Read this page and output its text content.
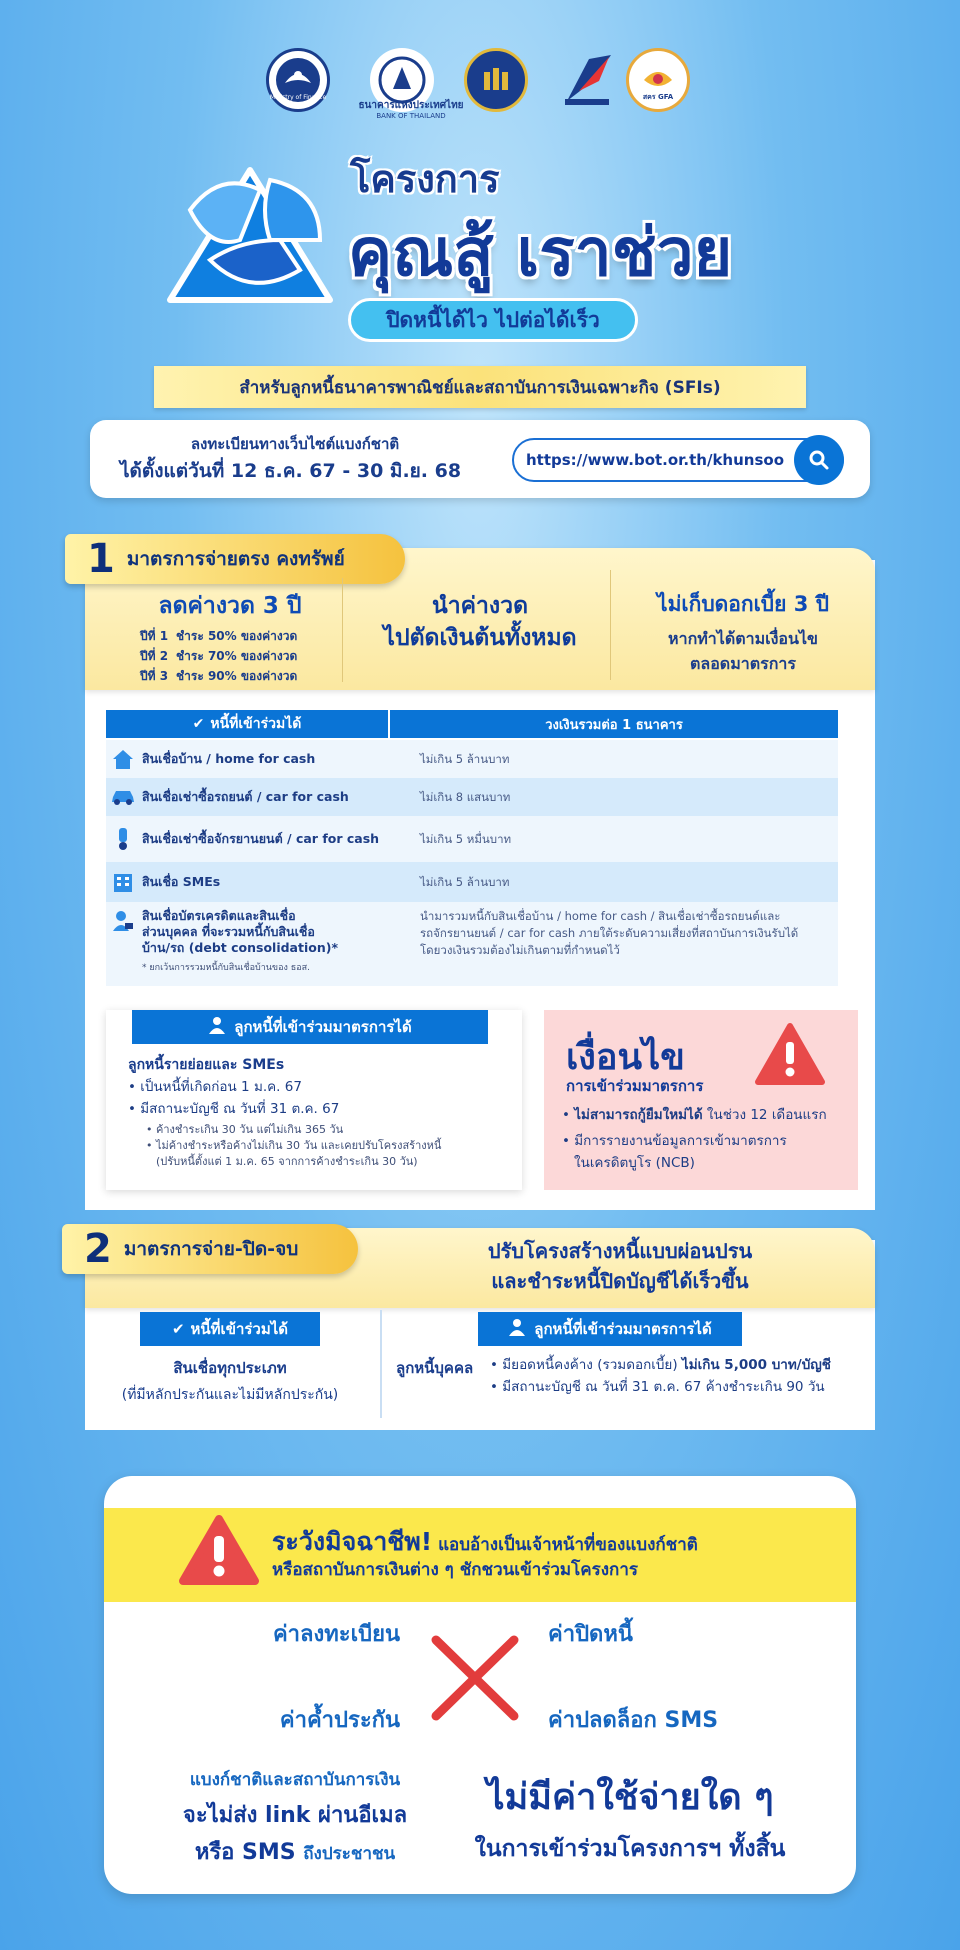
Ministry of Finance
ธนาคารแห่งประเทศไทย
BANK OF THAILAND
สคร GFA
โครงการ
คุณสู้ เราช่วย
ปิดหนี้ได้ไว ไปต่อได้เร็ว
สำหรับลูกหนี้ธนาคารพาณิชย์และสถาบันการเงินเฉพาะกิจ (SFIs)
ลงทะเบียนทางเว็บไซต์แบงก์ชาติ
ได้ตั้งแต่วันที่ 12 ธ.ค. 67 - 30 มิ.ย. 68	https://www.bot.or.th/khunsoo
1 มาตรการจ่ายตรง คงทรัพย์
ลดค่างวด 3 ปี
ปีที่ 1 ชำระ 50% ของค่างวด
ปีที่ 2 ชำระ 70% ของค่างวด
ปีที่ 3 ชำระ 90% ของค่างวด
นำค่างวด
ไปตัดเงินต้นทั้งหมด
ไม่เก็บดอกเบี้ย 3 ปี
หากทำได้ตามเงื่อนไข
ตลอดมาตรการ
✔ หนี้ที่เข้าร่วมได้	วงเงินรวมต่อ 1 ธนาคาร
สินเชื่อบ้าน / home for cash	ไม่เกิน 5 ล้านบาท
สินเชื่อเช่าซื้อรถยนต์ / car for cash	ไม่เกิน 8 แสนบาท
สินเชื่อเช่าซื้อจักรยานยนต์ / car for cash	ไม่เกิน 5 หมื่นบาท
สินเชื่อ SMEs	ไม่เกิน 5 ล้านบาท
สินเชื่อบัตรเครดิตและสินเชื่อ
ส่วนบุคคล ที่จะรวมหนี้กับสินเชื่อ
บ้าน/รถ (debt consolidation)*
* ยกเว้นการรวมหนี้กับสินเชื่อบ้านของ ธอส.
นำมารวมหนี้กับสินเชื่อบ้าน / home for cash / สินเชื่อเช่าซื้อรถยนต์และ
รถจักรยานยนต์ / car for cash ภายใต้ระดับความเสี่ยงที่สถาบันการเงินรับได้
โดยวงเงินรวมต้องไม่เกินตามที่กำหนดไว้
ลูกหนี้ที่เข้าร่วมมาตรการได้
ลูกหนี้รายย่อยและ SMEs
• เป็นหนี้ที่เกิดก่อน 1 ม.ค. 67
• มีสถานะบัญชี ณ วันที่ 31 ต.ค. 67
• ค้างชำระเกิน 30 วัน แต่ไม่เกิน 365 วัน
• ไม่ค้างชำระหรือค้างไม่เกิน 30 วัน และเคยปรับโครงสร้างหนี้
(ปรับหนี้ตั้งแต่ 1 ม.ค. 65 จากการค้างชำระเกิน 30 วัน)
เงื่อนไข
การเข้าร่วมมาตรการ
• ไม่สามารถกู้ยืมใหม่ได้ ในช่วง 12 เดือนแรก
• มีการรายงานข้อมูลการเข้ามาตรการ
ในเครดิตบูโร (NCB)
2 มาตรการจ่าย-ปิด-จบ	ปรับโครงสร้างหนี้แบบผ่อนปรน
และชำระหนี้ปิดบัญชีได้เร็วขึ้น
✔ หนี้ที่เข้าร่วมได้
สินเชื่อทุกประเภท
(ที่มีหลักประกันและไม่มีหลักประกัน)
ลูกหนี้ที่เข้าร่วมมาตรการได้
ลูกหนี้บุคคล • มียอดหนี้คงค้าง (รวมดอกเบี้ย) ไม่เกิน 5,000 บาท/บัญชี
• มีสถานะบัญชี ณ วันที่ 31 ต.ค. 67 ค้างชำระเกิน 90 วัน
ระวังมิจฉาชีพ! แอบอ้างเป็นเจ้าหน้าที่ของแบงก์ชาติ
หรือสถาบันการเงินต่าง ๆ ชักชวนเข้าร่วมโครงการ
ค่าลงทะเบียน	ค่าปิดหนี้
ค่าค้ำประกัน	ค่าปลดล็อก SMS
แบงก์ชาติและสถาบันการเงิน
จะไม่ส่ง link ผ่านอีเมล
หรือ SMS ถึงประชาชน
ไม่มีค่าใช้จ่ายใด ๆ
ในการเข้าร่วมโครงการฯ ทั้งสิ้น
